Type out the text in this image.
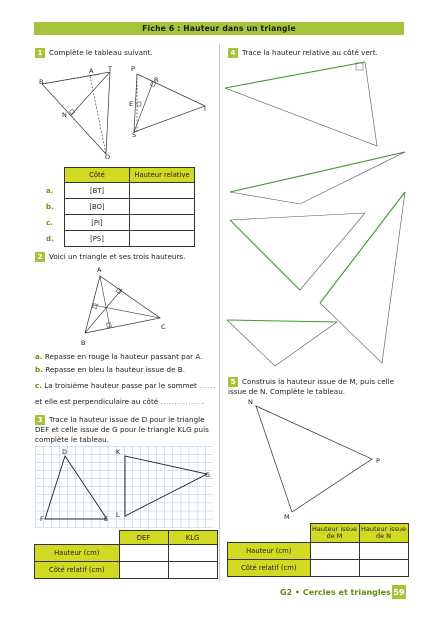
Fiche 6 : Hauteur dans un triangle
1 Complète le tableau suivant.
B
A T
N
O
P
R
E
I
S
	Côté	Hauteur relative
a.	[BT]	
b.	[BO]	
c.	[PI]	
d.	[PS]	
2 Voici un triangle et ses trois hauteurs.
A
B
C
a. Repasse en rouge la hauteur passant par A.
b. Repasse en bleu la hauteur issue de B.
c. La troisième hauteur passe par le sommet ......
et elle est perpendiculaire au côté .............. .
3 Trace la hauteur issue de D pour le triangle DEF et celle issue de G pour le triangle KLG puis complète le tableau.
D
F	E
K
G
L
	DEF	KLG
Hauteur (cm)		
Côté relatif (cm)		
4 Trace la hauteur relative au côté vert.
5 Construis la hauteur issue de M, puis celle issue de N. Complète le tableau.
N
P
M
	Hauteur issue de M	Hauteur issue de N
Hauteur (cm)		
Côté relatif (cm)		
G2 • Cercles et triangles 59
